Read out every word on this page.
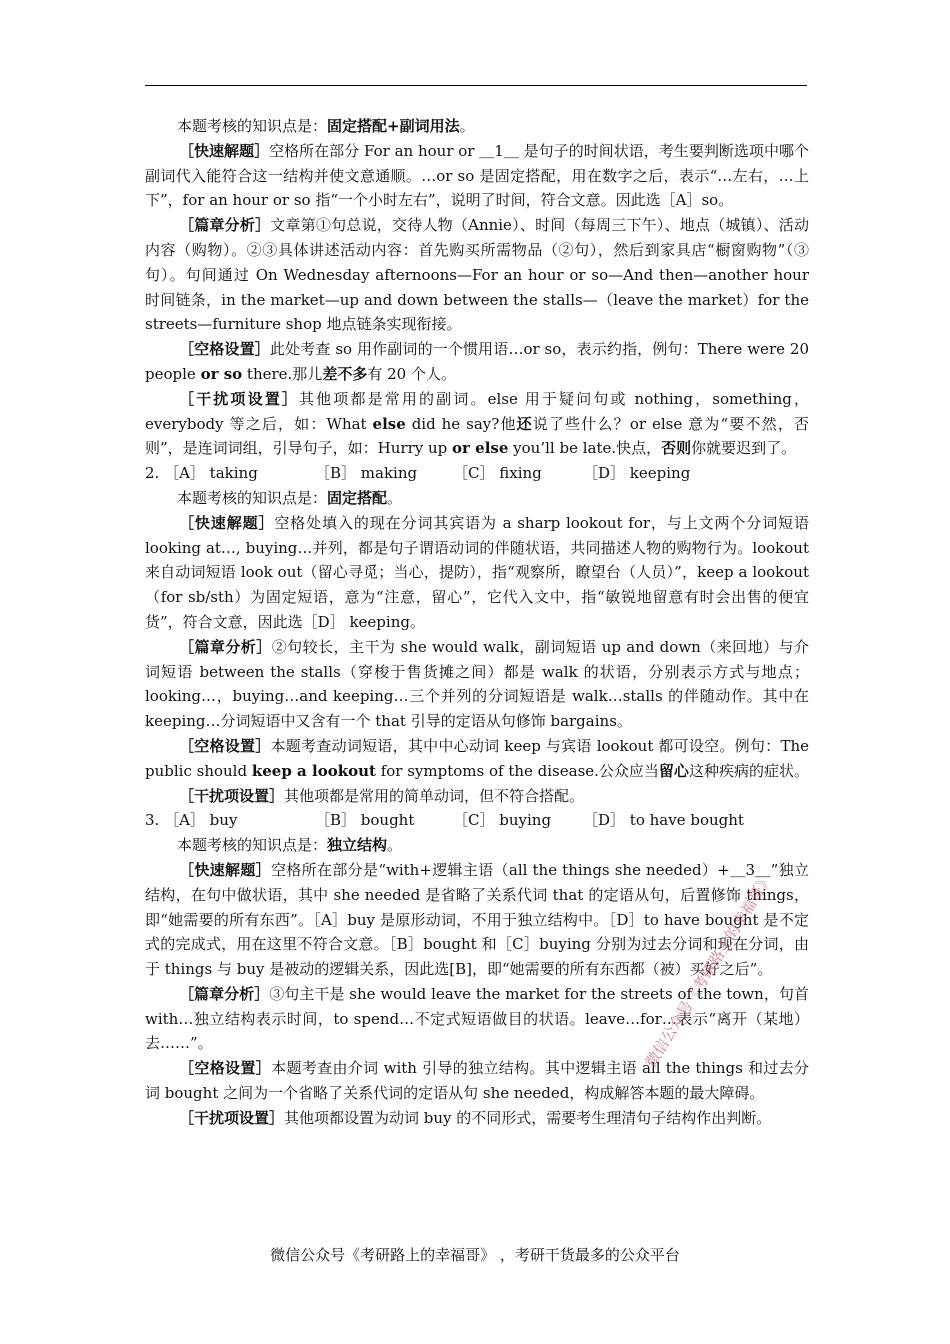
本题考核的知识点是：固定搭配+副词用法。

［快速解题］空格所在部分 For an hour or ＿1＿ 是句子的时间状语，考生要判断选项中哪个副词代入能符合这一结构并使文意通顺。…or so 是固定搭配，用在数字之后，表示“…左右，…上下”，for an hour or so 指“一个小时左右”，说明了时间，符合文意。因此选［A］so。

［篇章分析］文章第①句总说，交待人物（Annie）、时间（每周三下午）、地点（城镇）、活动内容（购物）。②③具体讲述活动内容：首先购买所需物品（②句），然后到家具店“橱窗购物”（③句）。句间通过 On Wednesday afternoons—For an hour or so—And then—another hour 时间链条，in the market—up and down between the stalls—（leave the market）for the streets—furniture shop 地点链条实现衔接。

［空格设置］此处考查 so 用作副词的一个惯用语…or so，表示约指，例句：There were 20 people or so there.那儿差不多有 20 个人。

［干扰项设置］其他项都是常用的副词。else 用于疑问句或 nothing，something，everybody 等之后，如：What else did he say?他还说了些什么？or else 意为“要不然，否则”，是连词词组，引导句子，如：Hurry up or else you’ll be late.快点，否则你就要迟到了。

2. ［A］ taking	［B］ making	［C］ fixing	［D］ keeping

本题考核的知识点是：固定搭配。

［快速解题］空格处填入的现在分词其宾语为 a sharp lookout for，与上文两个分词短语 looking at…, buying…并列，都是句子谓语动词的伴随状语，共同描述人物的购物行为。lookout 来自动词短语 look out（留心寻觅；当心，提防），指“观察所，瞭望台（人员）”，keep a lookout （for sb/sth）为固定短语，意为“注意，留心”，它代入文中，指“敏锐地留意有时会出售的便宜货”，符合文意，因此选［D］ keeping。

［篇章分析］②句较长，主干为 she would walk，副词短语 up and down（来回地）与介词短语 between the stalls（穿梭于售货摊之间）都是 walk 的状语，分别表示方式与地点；looking…，buying…and keeping…三个并列的分词短语是 walk…stalls 的伴随动作。其中在 keeping…分词短语中又含有一个 that 引导的定语从句修饰 bargains。

［空格设置］本题考查动词短语，其中中心动词 keep 与宾语 lookout 都可设空。例句：The public should keep a lookout for symptoms of the disease.公众应当留心这种疾病的症状。

［干扰项设置］其他项都是常用的简单动词，但不符合搭配。

3. ［A］ buy	［B］ bought	［C］ buying	［D］ to have bought

本题考核的知识点是：独立结构。

［快速解题］空格所在部分是“with+逻辑主语（all the things she needed）+＿3＿”独立结构，在句中做状语，其中 she needed 是省略了关系代词 that 的定语从句，后置修饰 things，即“她需要的所有东西”。［A］buy 是原形动词，不用于独立结构中。［D］to have bought 是不定式的完成式，用在这里不符合文意。［B］bought 和［C］buying 分别为过去分词和现在分词，由于 things 与 buy 是被动的逻辑关系，因此选[B]，即“她需要的所有东西都（被）买好之后”。

［篇章分析］③句主干是 she would leave the market for the streets of the town，句首 with…独立结构表示时间，to spend…不定式短语做目的状语。leave…for…表示“离开（某地）去……”。

［空格设置］本题考查由介词 with 引导的独立结构。其中逻辑主语 all the things 和过去分词 bought 之间为一个省略了关系代词的定语从句 she needed，构成解答本题的最大障碍。

［干扰项设置］其他项都设置为动词 buy 的不同形式，需要考生理清句子结构作出判断。

微信公众号《考研路上的幸福哥》
微信公众号《考研路上的幸福哥》 ，考研干货最多的公众平台
